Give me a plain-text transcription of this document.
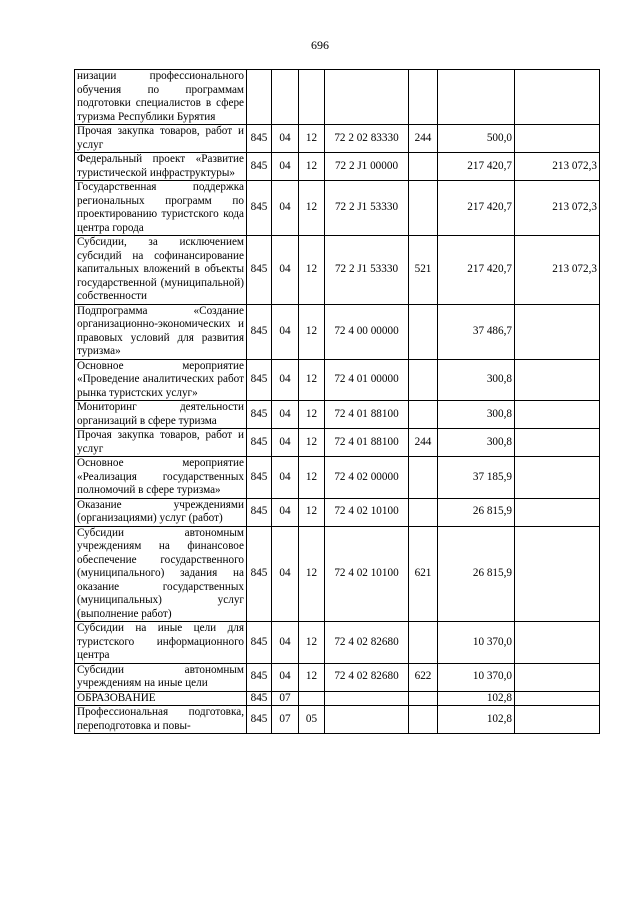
696
низации профессионального обучения по программам подготовки специалистов в сфере туризма Республики Бурятия							
Прочая закупка товаров, работ и услуг	845	04	12	72 2 02 83330	244	500,0	
Федеральный проект «Развитие туристической инфраструктуры»	845	04	12	72 2 J1 00000		217 420,7	213 072,3
Государственная поддержка региональных программ по проектированию туристского кода центра города	845	04	12	72 2 J1 53330		217 420,7	213 072,3
Субсидии, за исключением субсидий на софинансирование капитальных вложений в объекты государственной (муниципальной) собственности	845	04	12	72 2 J1 53330	521	217 420,7	213 072,3
Подпрограмма «Создание организационно-экономических и правовых условий для развития туризма»	845	04	12	72 4 00 00000		37 486,7	
Основное мероприятие «Проведение аналитических работ рынка туристских услуг»	845	04	12	72 4 01 00000		300,8	
Мониторинг деятельности организаций в сфере туризма	845	04	12	72 4 01 88100		300,8	
Прочая закупка товаров, работ и услуг	845	04	12	72 4 01 88100	244	300,8	
Основное мероприятие «Реализация государственных полномочий в сфере туризма»	845	04	12	72 4 02 00000		37 185,9	
Оказание учреждениями (организациями) услуг (работ)	845	04	12	72 4 02 10100		26 815,9	
Субсидии автономным учреждениям на финансовое обеспечение государственного (муниципального) задания на оказание государственных (муниципальных) услуг (выполнение работ)	845	04	12	72 4 02 10100	621	26 815,9	
Субсидии на иные цели для туристского информационного центра	845	04	12	72 4 02 82680		10 370,0	
Субсидии автономным учреждениям на иные цели	845	04	12	72 4 02 82680	622	10 370,0	
ОБРАЗОВАНИЕ	845	07				102,8	
Профессиональная подготовка, переподготовка и повы-	845	07	05			102,8	
